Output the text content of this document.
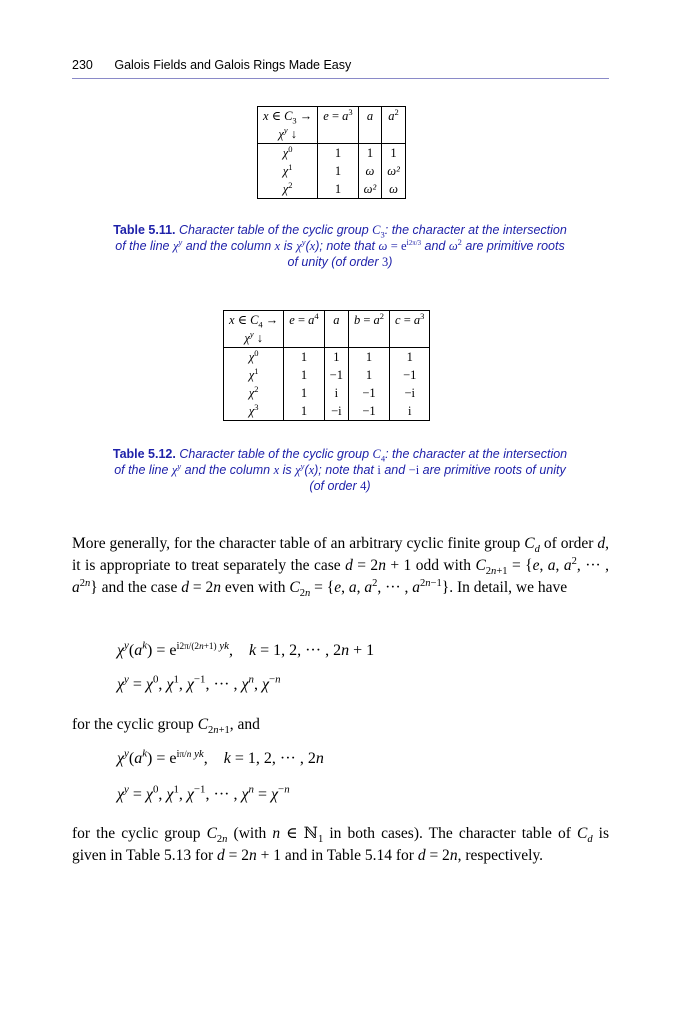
230 Galois Fields and Galois Rings Made Easy
x ∈ $C_3$ →	$e = a^3$	a	$a^2$
$\chi^y$ ↓			
$\chi^0$	1	1	1
$\chi^1$	1	ω	ω²
$\chi^2$	1	ω²	ω
Table 5.11. Character table of the cyclic group $C_3$: the character at the intersection of the line $\chi^y$ and the column x is $\chi^y(x)$; note that $\omega = e^{i2\pi/3}$ and $\omega^2$ are primitive roots of unity (of order 3)
x ∈ $C_4$ →	$e = a^4$	a	$b = a^2$	$c = a^3$
$\chi^y$ ↓				
$\chi^0$	1	1	1	1
$\chi^1$	1	−1	1	−1
$\chi^2$	1	i	−1	−i
$\chi^3$	1	−i	−1	i
Table 5.12. Character table of the cyclic group $C_4$: the character at the intersection of the line $\chi^y$ and the column x is $\chi^y(x)$; note that i and −i are primitive roots of unity (of order 4)
More generally, for the character table of an arbitrary cyclic finite group $C_d$ of order d, it is appropriate to treat separately the case d = 2n + 1 odd with $C_{2n+1} = \{e$, a, $a^2$, ··· , $a^{2n}$} and the case d = 2n even with $C_{2n} = \{e$, a, $a^2$, ··· , $a^{2n-1}$}. In detail, we have
$\chi^y(a^k) = e^{i2\pi/(2n+1) yk}$,    k = 1, 2, ··· , 2n + 1
$\chi^y = \chi^0$, $\chi^1$, $\chi^{-1}$, ··· , $\chi^n$, $\chi^{-n}$
for the cyclic group $C_{2n+1}$, and
$\chi^y(a^k) = e^{i\pi/n yk}$,    k = 1, 2, ··· , 2n
$\chi^y = \chi^0$, $\chi^1$, $\chi^{-1}$, ··· , $\chi^n = \chi^{-n}$
for the cyclic group $C_{2n}$ (with n ∈ ℕ$_1$ in both cases). The character table of $C_d$ is given in Table 5.13 for d = 2n + 1 and in Table 5.14 for d = 2n, respectively.
